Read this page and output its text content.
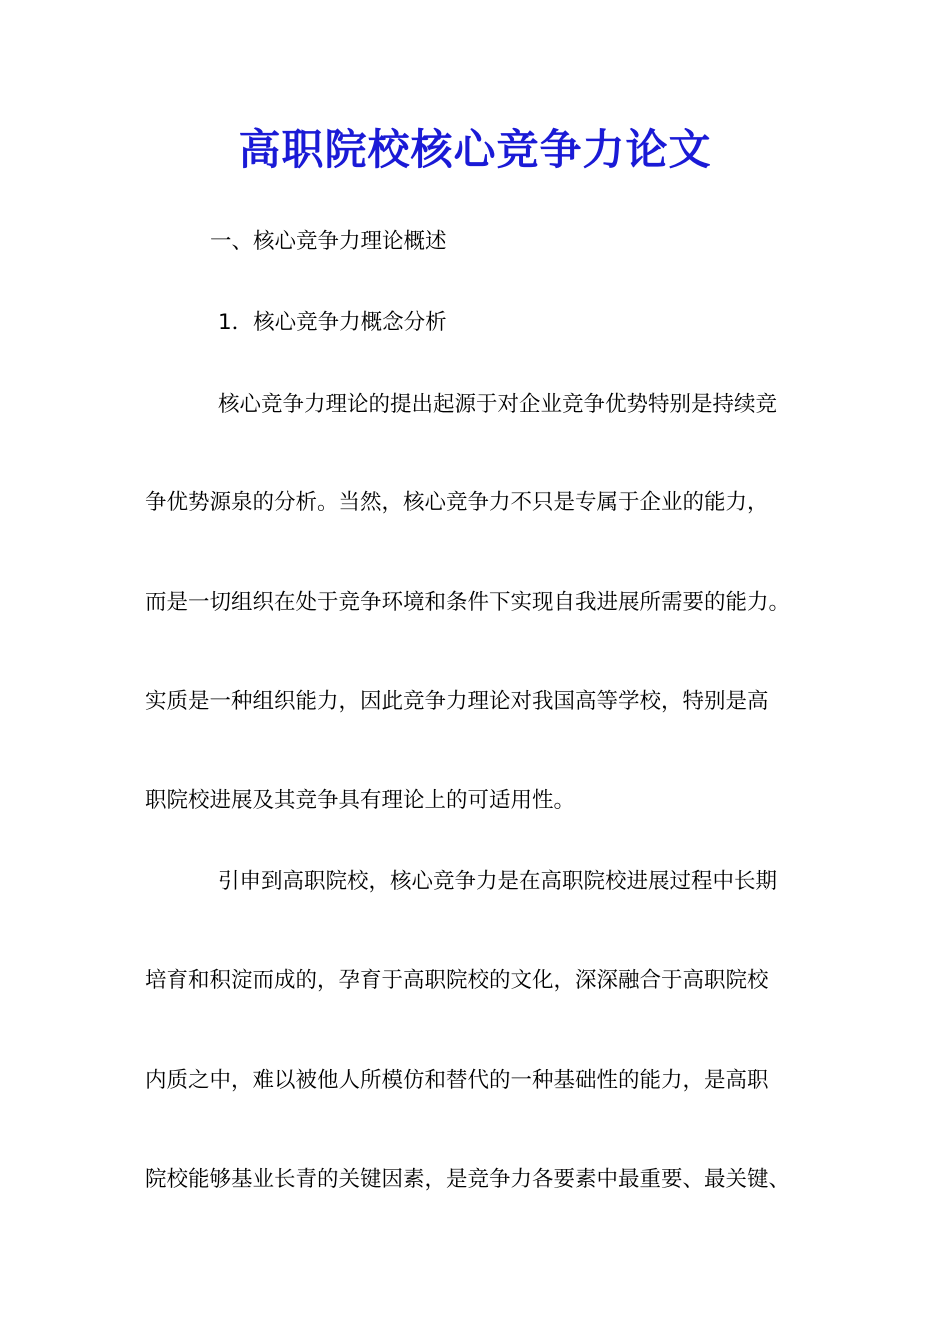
高职院校核心竞争力论文
一、核心竞争力理论概述
1．核心竞争力概念分析
核心竞争力理论的提出起源于对企业竞争优势特别是持续竞
争优势源泉的分析。当然，核心竞争力不只是专属于企业的能力，
而是一切组织在处于竞争环境和条件下实现自我进展所需要的能力。
实质是一种组织能力，因此竞争力理论对我国高等学校，特别是高
职院校进展及其竞争具有理论上的可适用性。
引申到高职院校，核心竞争力是在高职院校进展过程中长期
培育和积淀而成的，孕育于高职院校的文化，深深融合于高职院校
内质之中，难以被他人所模仿和替代的一种基础性的能力，是高职
院校能够基业长青的关键因素，是竞争力各要素中最重要、最关键、
